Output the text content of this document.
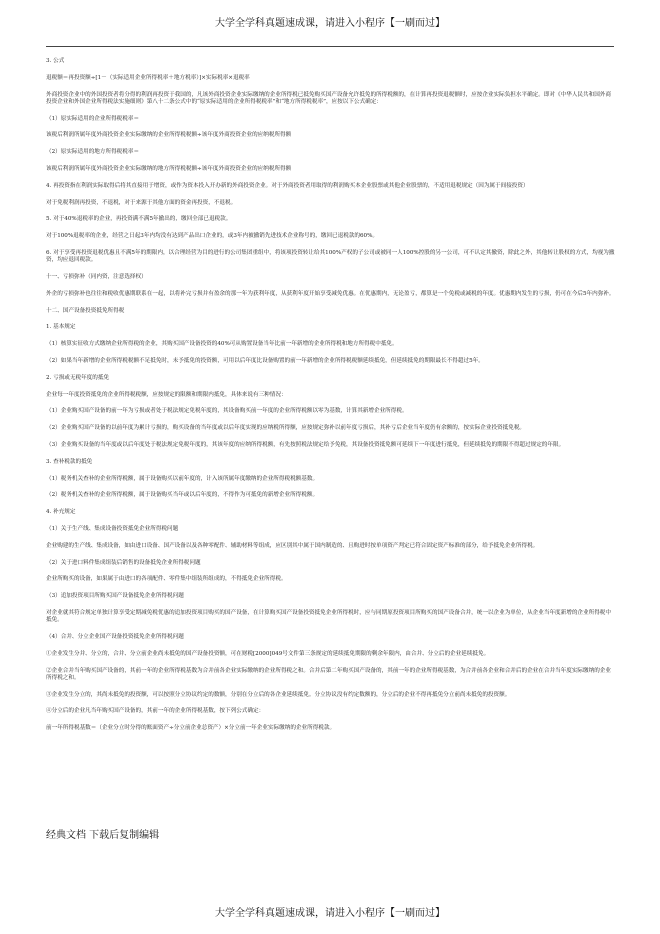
大学全学科真题速成课，请进入小程序【一刷而过】

3. 公式

退税额＝再投资额÷[1－（实际适用企业所得税率＋地方税率）]×实际税率×退税率

外商投资企业中的外国投资者将分得的利润再投资于我国的，凡该外商投资企业实际缴纳的企业所得税已抵免购买国产设备允许抵免的所得税额的，在计算再投资退税额时，应按企业实际负担水平确定。即对《中华人民共和国外商投资企业和外国企业所得税法实施细则》第八十二条公式中的“原实际适用的企业所得税税率”和“地方所得税税率”，应按以下公式确定：

（1）原实际适用的企业所得税税率＝

该税后利润所属年度外商投资企业实际缴纳的企业所得税税额÷该年度外商投资企业的应纳税所得额

（2）原实际适用的地方所得税税率＝

该税后利润所属年度外商投资企业实际缴纳的地方所得税税额÷该年度外商投资企业的应纳税所得额

4. 再投资指在利润实际取得后将其直接用于增资，或作为资本投入开办新的外商投资企业。对于外商投资者用取得的利润购买本企业股票或其他企业股票的，不适用退税规定（因为属于间接投资）

对于免税利润再投资，不退税，对于来源于其他方面的资金再投资，不退税。

5. 对于40%退税率的企业，再投资满不满5年撤出的，缴回全部已退税款。

对于100%退税率的企业，经营之日起3年内均没有达到产品出口企业的，或3年内被撤销先进技术企业称号的，缴回已退税款的60%。

6. 对于享受再投资退税优惠且不满5年的期限内，以合理经营为目的进行的公司集团重组中，将该项投资转让给其100%产权的子公司或被同一人100%控股的另一公司，可不认定其撤资，除此之外，其他转让股权的方式，均视为撤资，均应退回税款。

十一、亏损弥补（同内资，注意选择权）

外企的亏损弥补也往往和税收优惠期联系在一起，以将补完亏损并有盈余的那一年为获利年度，从获利年度开始享受减免优惠。在优惠期内，无论盈亏，都算是一个免税或减税的年度。优惠期内发生的亏损，仍可在今后5年内弥补。

十二、国产设备投资抵免所得税

1. 基本规定

（1）核算实征收方式缴纳企业所得税的企业，其购买国产设备投资的40%可从购置设备当年比前一年新增的企业所得税和地方所得税中抵免。

（2）如果当年新增的企业所得税税额不足抵免时，未予抵免的投资额，可用以后年度比设备购置的前一年新增的企业所得税税额延续抵免，但延续抵免的期限最长不得超过5年。

2. 亏损或无税年度的抵免

企业每一年度投资抵免的企业所得税税额，应按规定的限额和期限内抵免，具体来说有三种情况：

（1）企业购买国产设备的前一年为亏损或者处于税法规定免税年度的，其设备购买前一年度的企业所得税额以零为基数，计算其新增企业所得税。

（2）企业购买国产设备的以前年度为累计亏损的，购买设备的当年度或以后年度实现的应纳税所得额，应按规定弥补以前年度亏损后，其补亏后企业当年度仍有余额的，按实际企业投资抵免税。

（3）企业购买设备的当年度或以后年度处于税法规定免税年度的，其该年度的应纳所得税额，有先按照税法规定给予免税，其设备投资抵免额可延续下一年度进行抵免，但延续抵免的期限不得超过规定的年限。

3. 查补税款的抵免

（1）税务机关查补的企业所得税额，属于设备购买以前年度的，计入该所属年度缴纳的企业所得税税额基数。

（2）税务机关查补的企业所得税额，属于设备购买当年或以后年度的，不得作为可抵免的新增企业所得税额。

4. 补充规定

（1）关于生产线、集成设备投资抵免企业所得税问题

企业购建的生产线、集成设备，如由进口设备、国产设备以及各种零配件、辅助材料等组成，应区别其中属于国内制造的、且购进时按单项资产判定已符合固定资产标准的部分，给予抵免企业所得税。

（2）关于进口料件集成组装后销售的设备抵免企业所得税问题

企业所购买的设备，如果属于由进口的各项配件、零件集中组装所组成的，不得抵免企业所得税。

（3）追加投资项目所购买国产设备抵免企业所得税问题

对企业就其符合规定单独计算享受定期减免税优惠的追加投资项目购买的国产设备，在计算购买国产设备投资抵免企业所得税时，应与同期原投资项目所购买的国产设备合并，统一以企业为单位，从企业当年度新增的企业所得税中抵免。

（4）合并、分立企业国产设备投资抵免企业所得税问题

①企业发生分并、分立的，合并、分立前企业尚未抵免的国产设备投资额，可在财税[2000]049号文件第三条规定的延续抵免期限的剩余年限内，由合并、分立后的企业延续抵免。

②企业合并当年购买国产设备的，其前一年的企业所得税基数为合并前各企业实际缴纳的企业所得税之和。合并后第二年购买国产设备的，其前一年的企业所得税基数，为合并前各企业和合并后的企业在合并当年度实际缴纳的企业所得税之和。

③企业发生分立的，其尚未抵免的投资额，可以按照分立协议约定的数额，分别在分立后的各企业延续抵免。分立协议没有约定数额的，分立后的企业不得再抵免分立前尚未抵免的投资额。

④分立后的企业凡当年购买国产设备的，其前一年的企业所得税基数，按下列公式确定：

前一年所得税基数＝（企业分立时分得的账面资产÷分立前企业总资产）×分立前一年企业实际缴纳的企业所得税款。

经典文档 下载后复制编辑
大学全学科真题速成课，请进入小程序【一刷而过】
